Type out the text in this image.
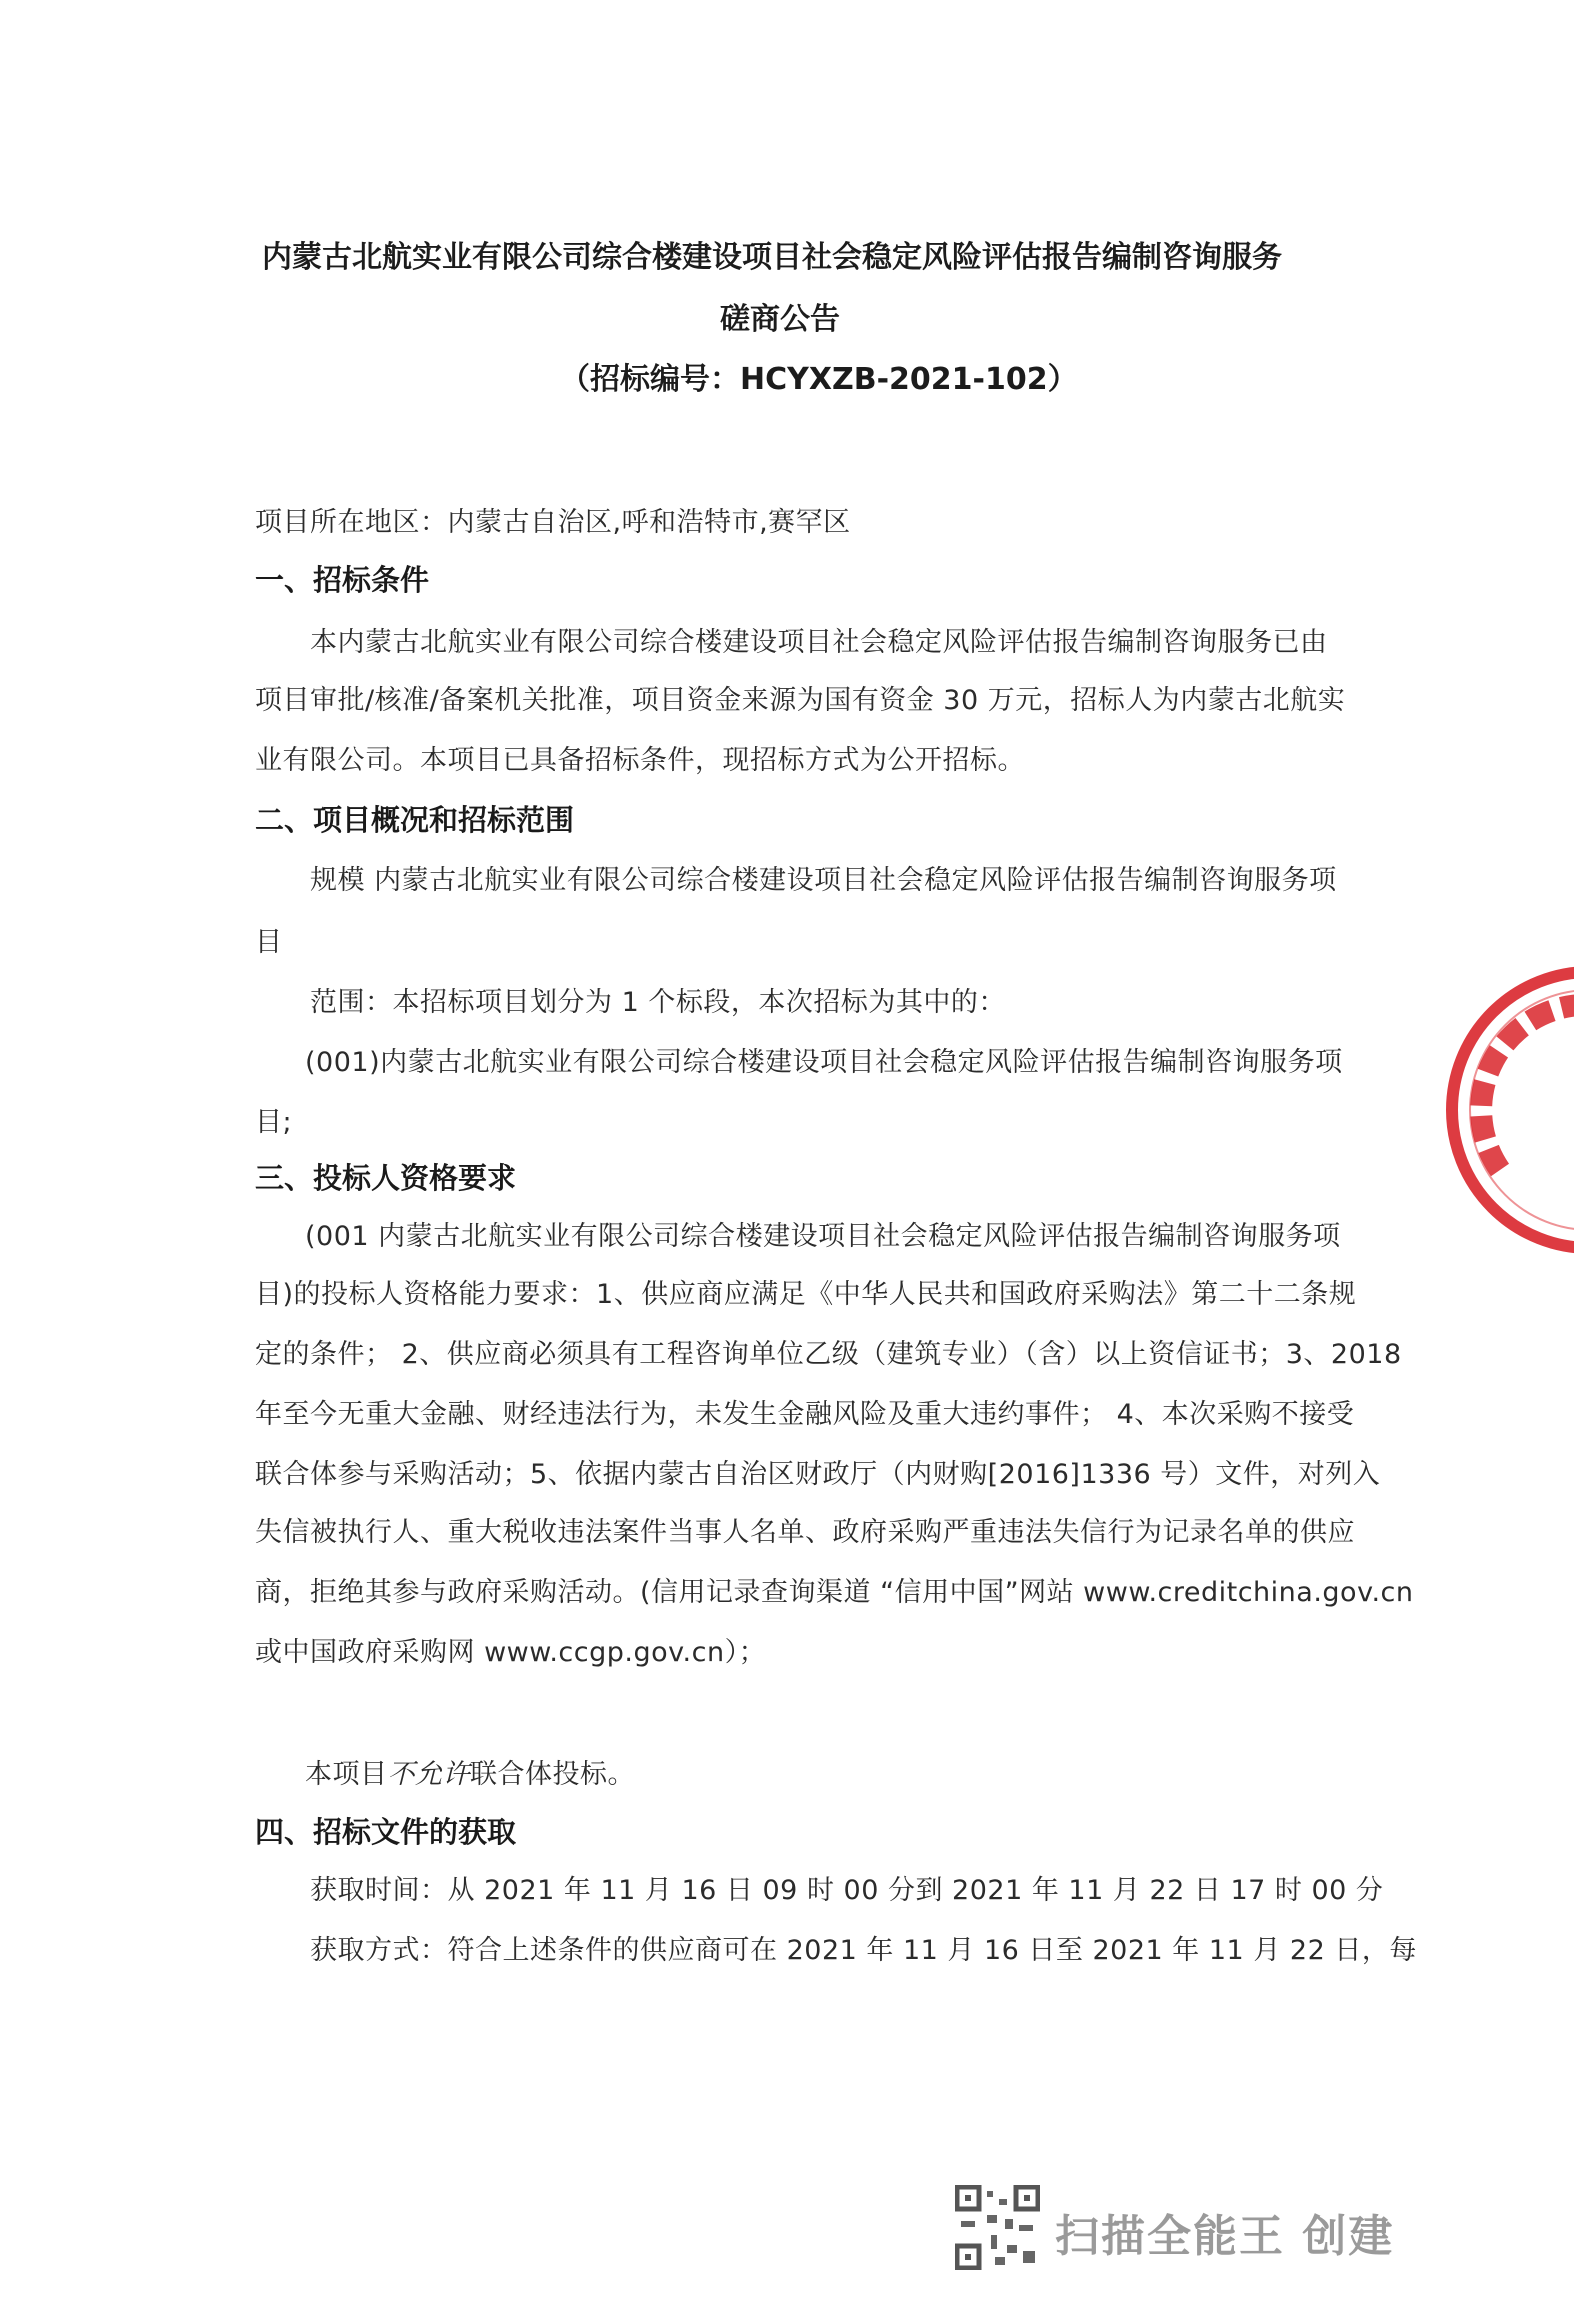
内蒙古北航实业有限公司综合楼建设项目社会稳定风险评估报告编制咨询服务
磋商公告
（招标编号：HCYXZB-2021-102）
项目所在地区：内蒙古自治区,呼和浩特市,赛罕区
一、招标条件
本内蒙古北航实业有限公司综合楼建设项目社会稳定风险评估报告编制咨询服务已由
项目审批/核准/备案机关批准，项目资金来源为国有资金 30 万元，招标人为内蒙古北航实
业有限公司。本项目已具备招标条件，现招标方式为公开招标。
二、项目概况和招标范围
规模 内蒙古北航实业有限公司综合楼建设项目社会稳定风险评估报告编制咨询服务项
目
范围：本招标项目划分为 1 个标段，本次招标为其中的：
(001)内蒙古北航实业有限公司综合楼建设项目社会稳定风险评估报告编制咨询服务项
目;
三、投标人资格要求
(001 内蒙古北航实业有限公司综合楼建设项目社会稳定风险评估报告编制咨询服务项
目)的投标人资格能力要求：1、供应商应满足《中华人民共和国政府采购法》第二十二条规
定的条件； 2、供应商必须具有工程咨询单位乙级（建筑专业）（含）以上资信证书；3、2018
年至今无重大金融、财经违法行为，未发生金融风险及重大违约事件； 4、本次采购不接受
联合体参与采购活动；5、依据内蒙古自治区财政厅（内财购[2016]1336 号）文件，对列入
失信被执行人、重大税收违法案件当事人名单、政府采购严重违法失信行为记录名单的供应
商，拒绝其参与政府采购活动。(信用记录查询渠道 “信用中国”网站 www.creditchina.gov.cn
或中国政府采购网 www.ccgp.gov.cn）；
本项目不允许联合体投标。
四、招标文件的获取
获取时间：从 2021 年 11 月 16 日 09 时 00 分到 2021 年 11 月 22 日 17 时 00 分
获取方式：符合上述条件的供应商可在 2021 年 11 月 16 日至 2021 年 11 月 22 日，每
扫描全能王 创建
